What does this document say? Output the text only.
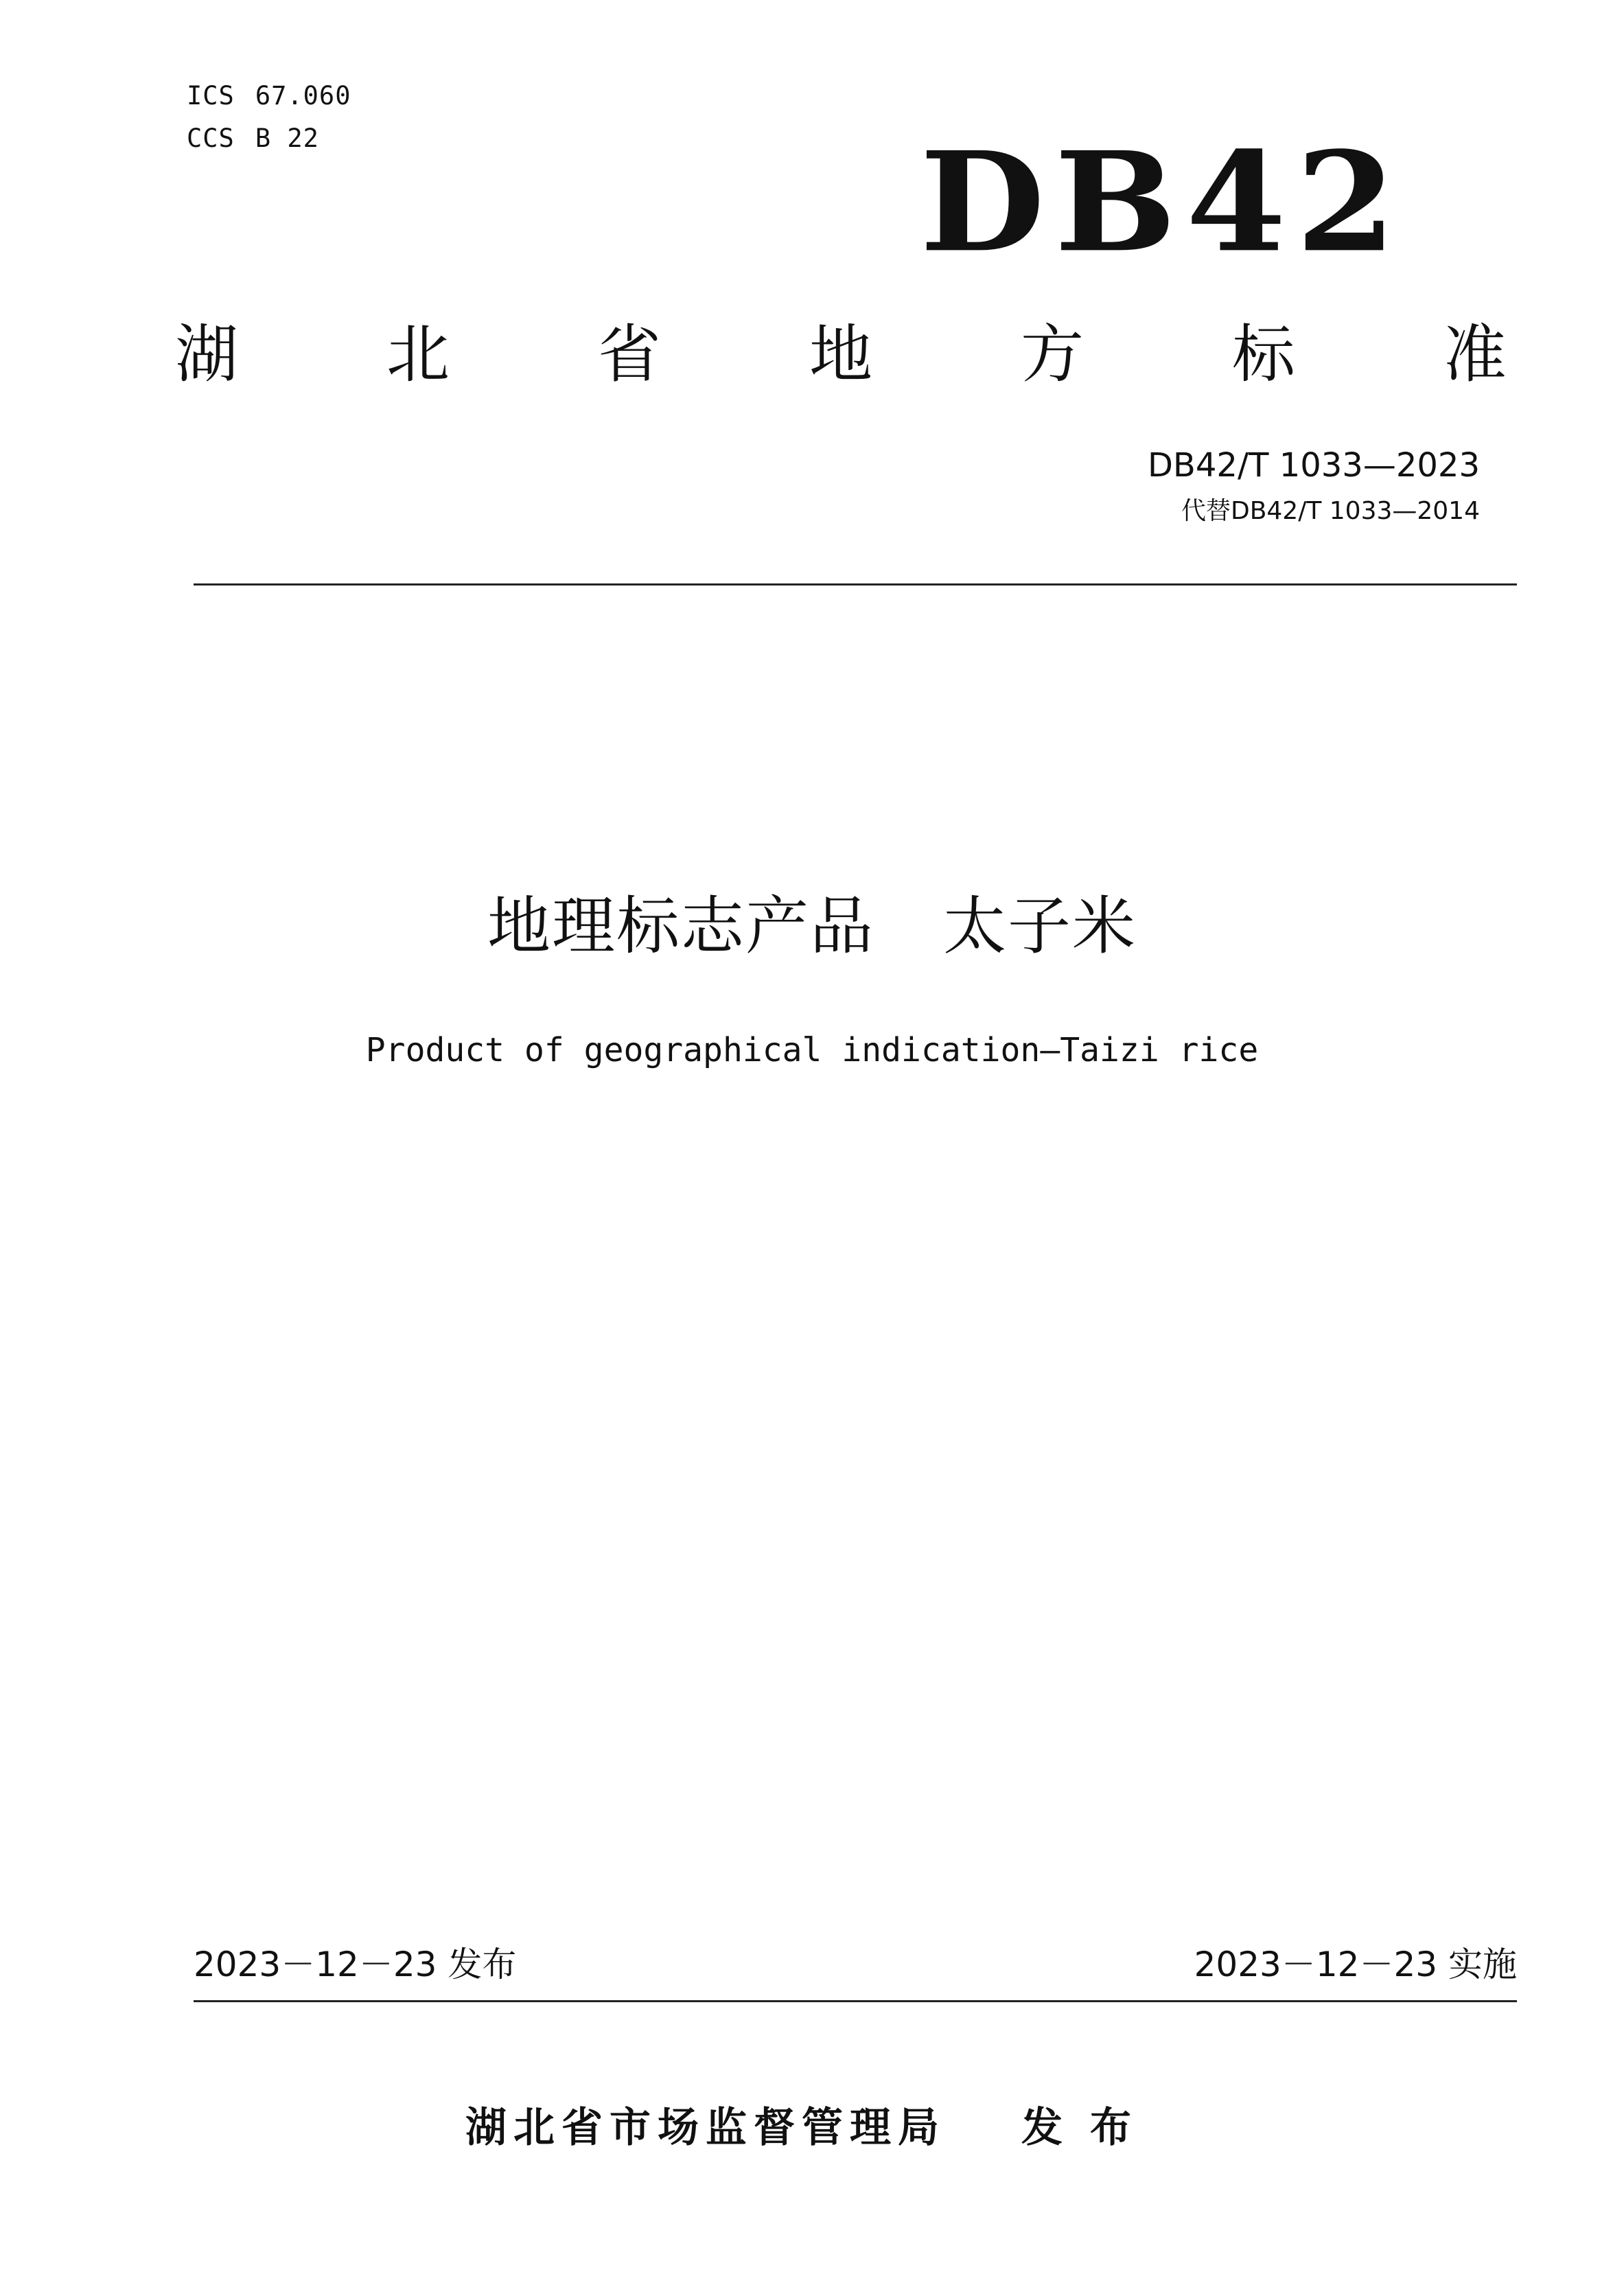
ICS 67.060
CCS B 22	DB42
湖 北 省 地 方 标 准
DB42/T 1033—2023
代替DB42/T 1033—2014
地理标志产品 太子米
Product of geographical indication—Taizi rice
2023－12－23 发布	2023－12－23 实施
湖北省市场监督管理局 发布
